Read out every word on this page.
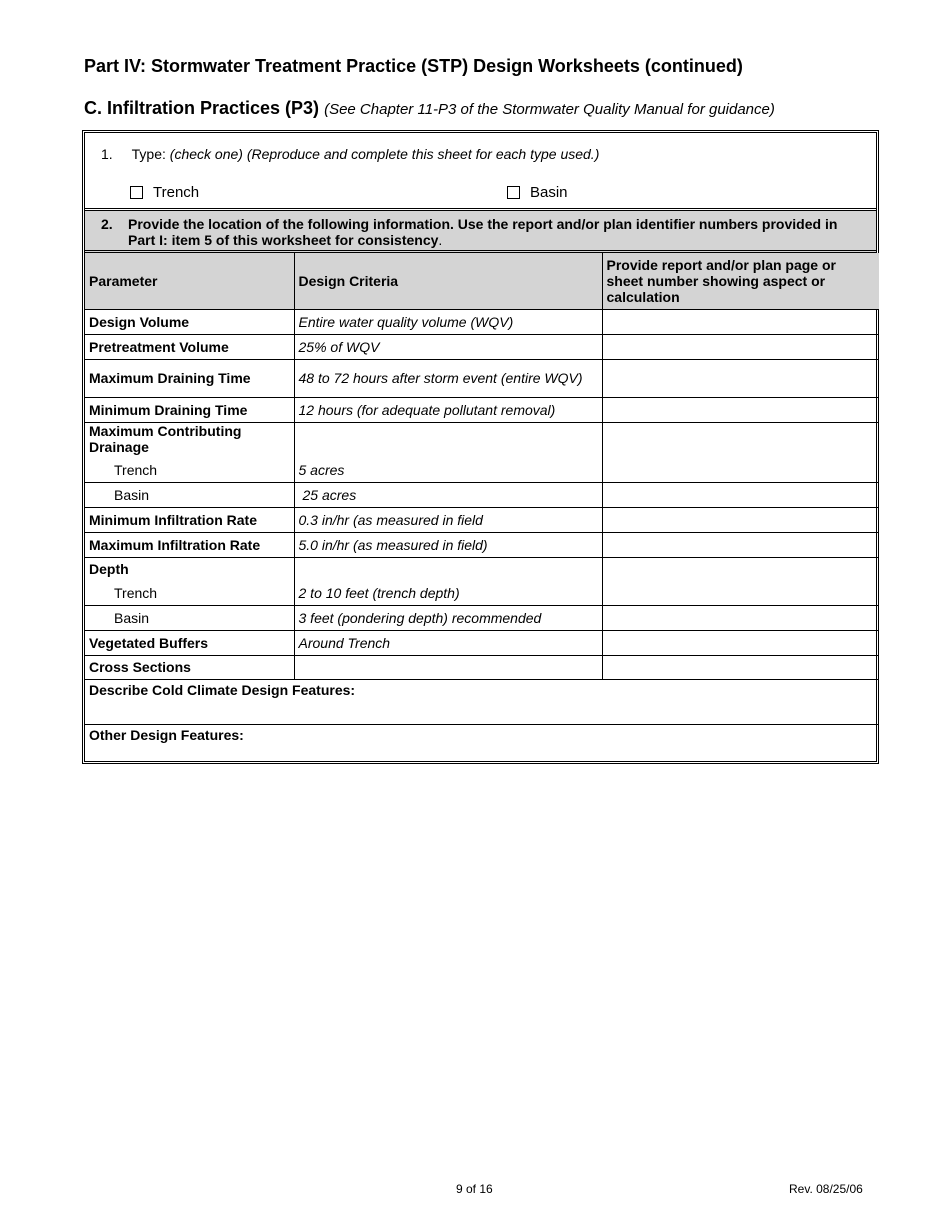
Part IV: Stormwater Treatment Practice (STP) Design Worksheets (continued)
C. Infiltration Practices (P3) (See Chapter 11-P3 of the Stormwater Quality Manual for guidance)
1. Type: (check one) (Reproduce and complete this sheet for each type used.)
Trench	Basin
2. Provide the location of the following information. Use the report and/or plan identifier numbers provided in Part I: item 5 of this worksheet for consistency.
Parameter	Design Criteria	Provide report and/or plan page or sheet number showing aspect or calculation
Design Volume	Entire water quality volume (WQV)	
Pretreatment Volume	25% of WQV	
Maximum Draining Time	48 to 72 hours after storm event (entire WQV)	
Minimum Draining Time	12 hours (for adequate pollutant removal)	
Maximum Contributing Drainage		
Trench	5 acres	
Basin	25 acres	
Minimum Infiltration Rate	0.3 in/hr (as measured in field	
Maximum Infiltration Rate	5.0 in/hr (as measured in field)	
Depth		
Trench	2 to 10 feet (trench depth)	
Basin	3 feet (pondering depth) recommended	
Vegetated Buffers	Around Trench	
Cross Sections		
Describe Cold Climate Design Features:		
Other Design Features:		
9 of 16	Rev. 08/25/06
